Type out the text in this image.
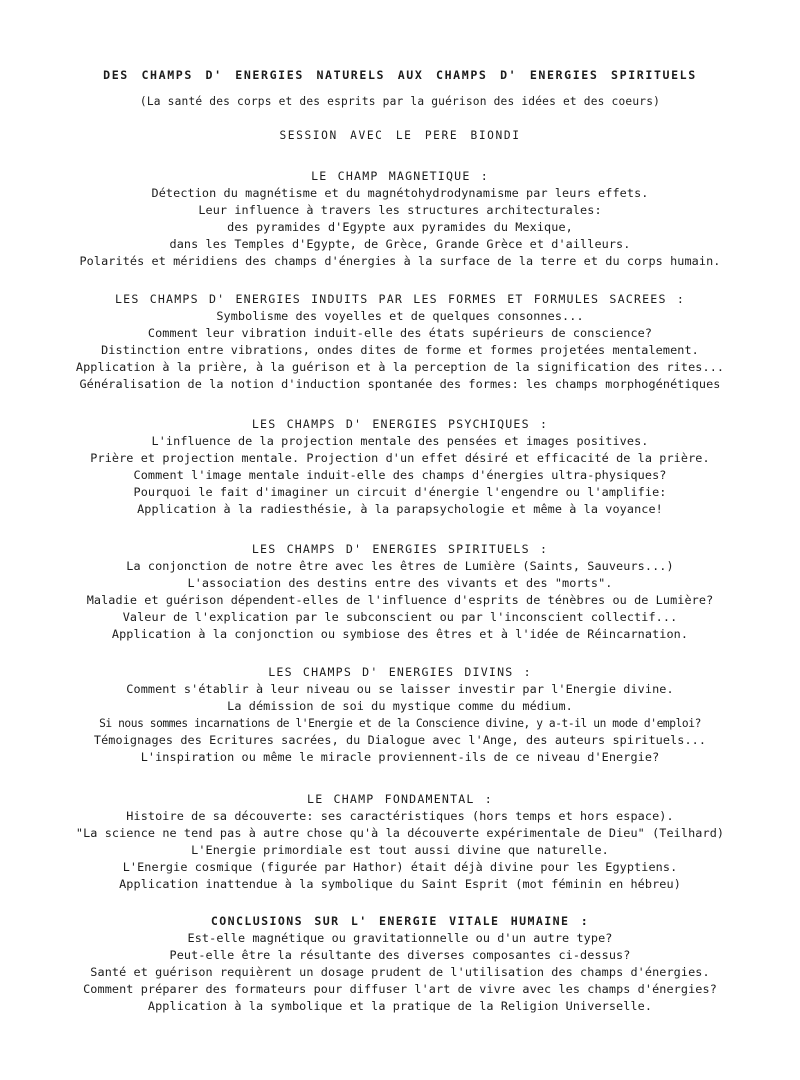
DES CHAMPS D' ENERGIES NATURELS AUX CHAMPS D' ENERGIES SPIRITUELS
(La santé des corps et des esprits par la guérison des idées et des coeurs)
SESSION AVEC LE PERE BIONDI
LE CHAMP MAGNETIQUE :
Détection du magnétisme et du magnétohydrodynamisme par leurs effets.
Leur influence à travers les structures architecturales:
des pyramides d'Egypte aux pyramides du Mexique,
dans les Temples d'Egypte, de Grèce, Grande Grèce et d'ailleurs.
Polarités et méridiens des champs d'énergies à la surface de la terre et du corps humain.
LES CHAMPS D' ENERGIES INDUITS PAR LES FORMES ET FORMULES SACREES :
Symbolisme des voyelles et de quelques consonnes...
Comment leur vibration induit-elle des états supérieurs de conscience?
Distinction entre vibrations, ondes dites de forme et formes projetées mentalement.
Application à la prière, à la guérison et à la perception de la signification des rites...
Généralisation de la notion d'induction spontanée des formes: les champs morphogénétiques
LES CHAMPS D' ENERGIES PSYCHIQUES :
L'influence de la projection mentale des pensées et images positives.
Prière et projection mentale. Projection d'un effet désiré et efficacité de la prière.
Comment l'image mentale induit-elle des champs d'énergies ultra-physiques?
Pourquoi le fait d'imaginer un circuit d'énergie l'engendre ou l'amplifie:
Application à la radiesthésie, à la parapsychologie et même à la voyance!
LES CHAMPS D' ENERGIES SPIRITUELS :
La conjonction de notre être avec les êtres de Lumière (Saints, Sauveurs...)
L'association des destins entre des vivants et des "morts".
Maladie et guérison dépendent-elles de l'influence d'esprits de ténèbres ou de Lumière?
Valeur de l'explication par le subconscient ou par l'inconscient collectif...
Application à la conjonction ou symbiose des êtres et à l'idée de Réincarnation.
LES CHAMPS D' ENERGIES DIVINS :
Comment s'établir à leur niveau ou se laisser investir par l'Energie divine.
La démission de soi du mystique comme du médium.
Si nous sommes incarnations de l'Energie et de la Conscience divine, y a-t-il un mode d'emploi?
Témoignages des Ecritures sacrées, du Dialogue avec l'Ange, des auteurs spirituels...
L'inspiration ou même le miracle proviennent-ils de ce niveau d'Energie?
LE CHAMP FONDAMENTAL :
Histoire de sa découverte: ses caractéristiques (hors temps et hors espace).
"La science ne tend pas à autre chose qu'à la découverte expérimentale de Dieu" (Teilhard)
L'Energie primordiale est tout aussi divine que naturelle.
L'Energie cosmique (figurée par Hathor) était déjà divine pour les Egyptiens.
Application inattendue à la symbolique du Saint Esprit (mot féminin en hébreu)
CONCLUSIONS SUR L' ENERGIE VITALE HUMAINE :
Est-elle magnétique ou gravitationnelle ou d'un autre type?
Peut-elle être la résultante des diverses composantes ci-dessus?
Santé et guérison requièrent un dosage prudent de l'utilisation des champs d'énergies.
Comment préparer des formateurs pour diffuser l'art de vivre avec les champs d'énergies?
Application à la symbolique et la pratique de la Religion Universelle.
